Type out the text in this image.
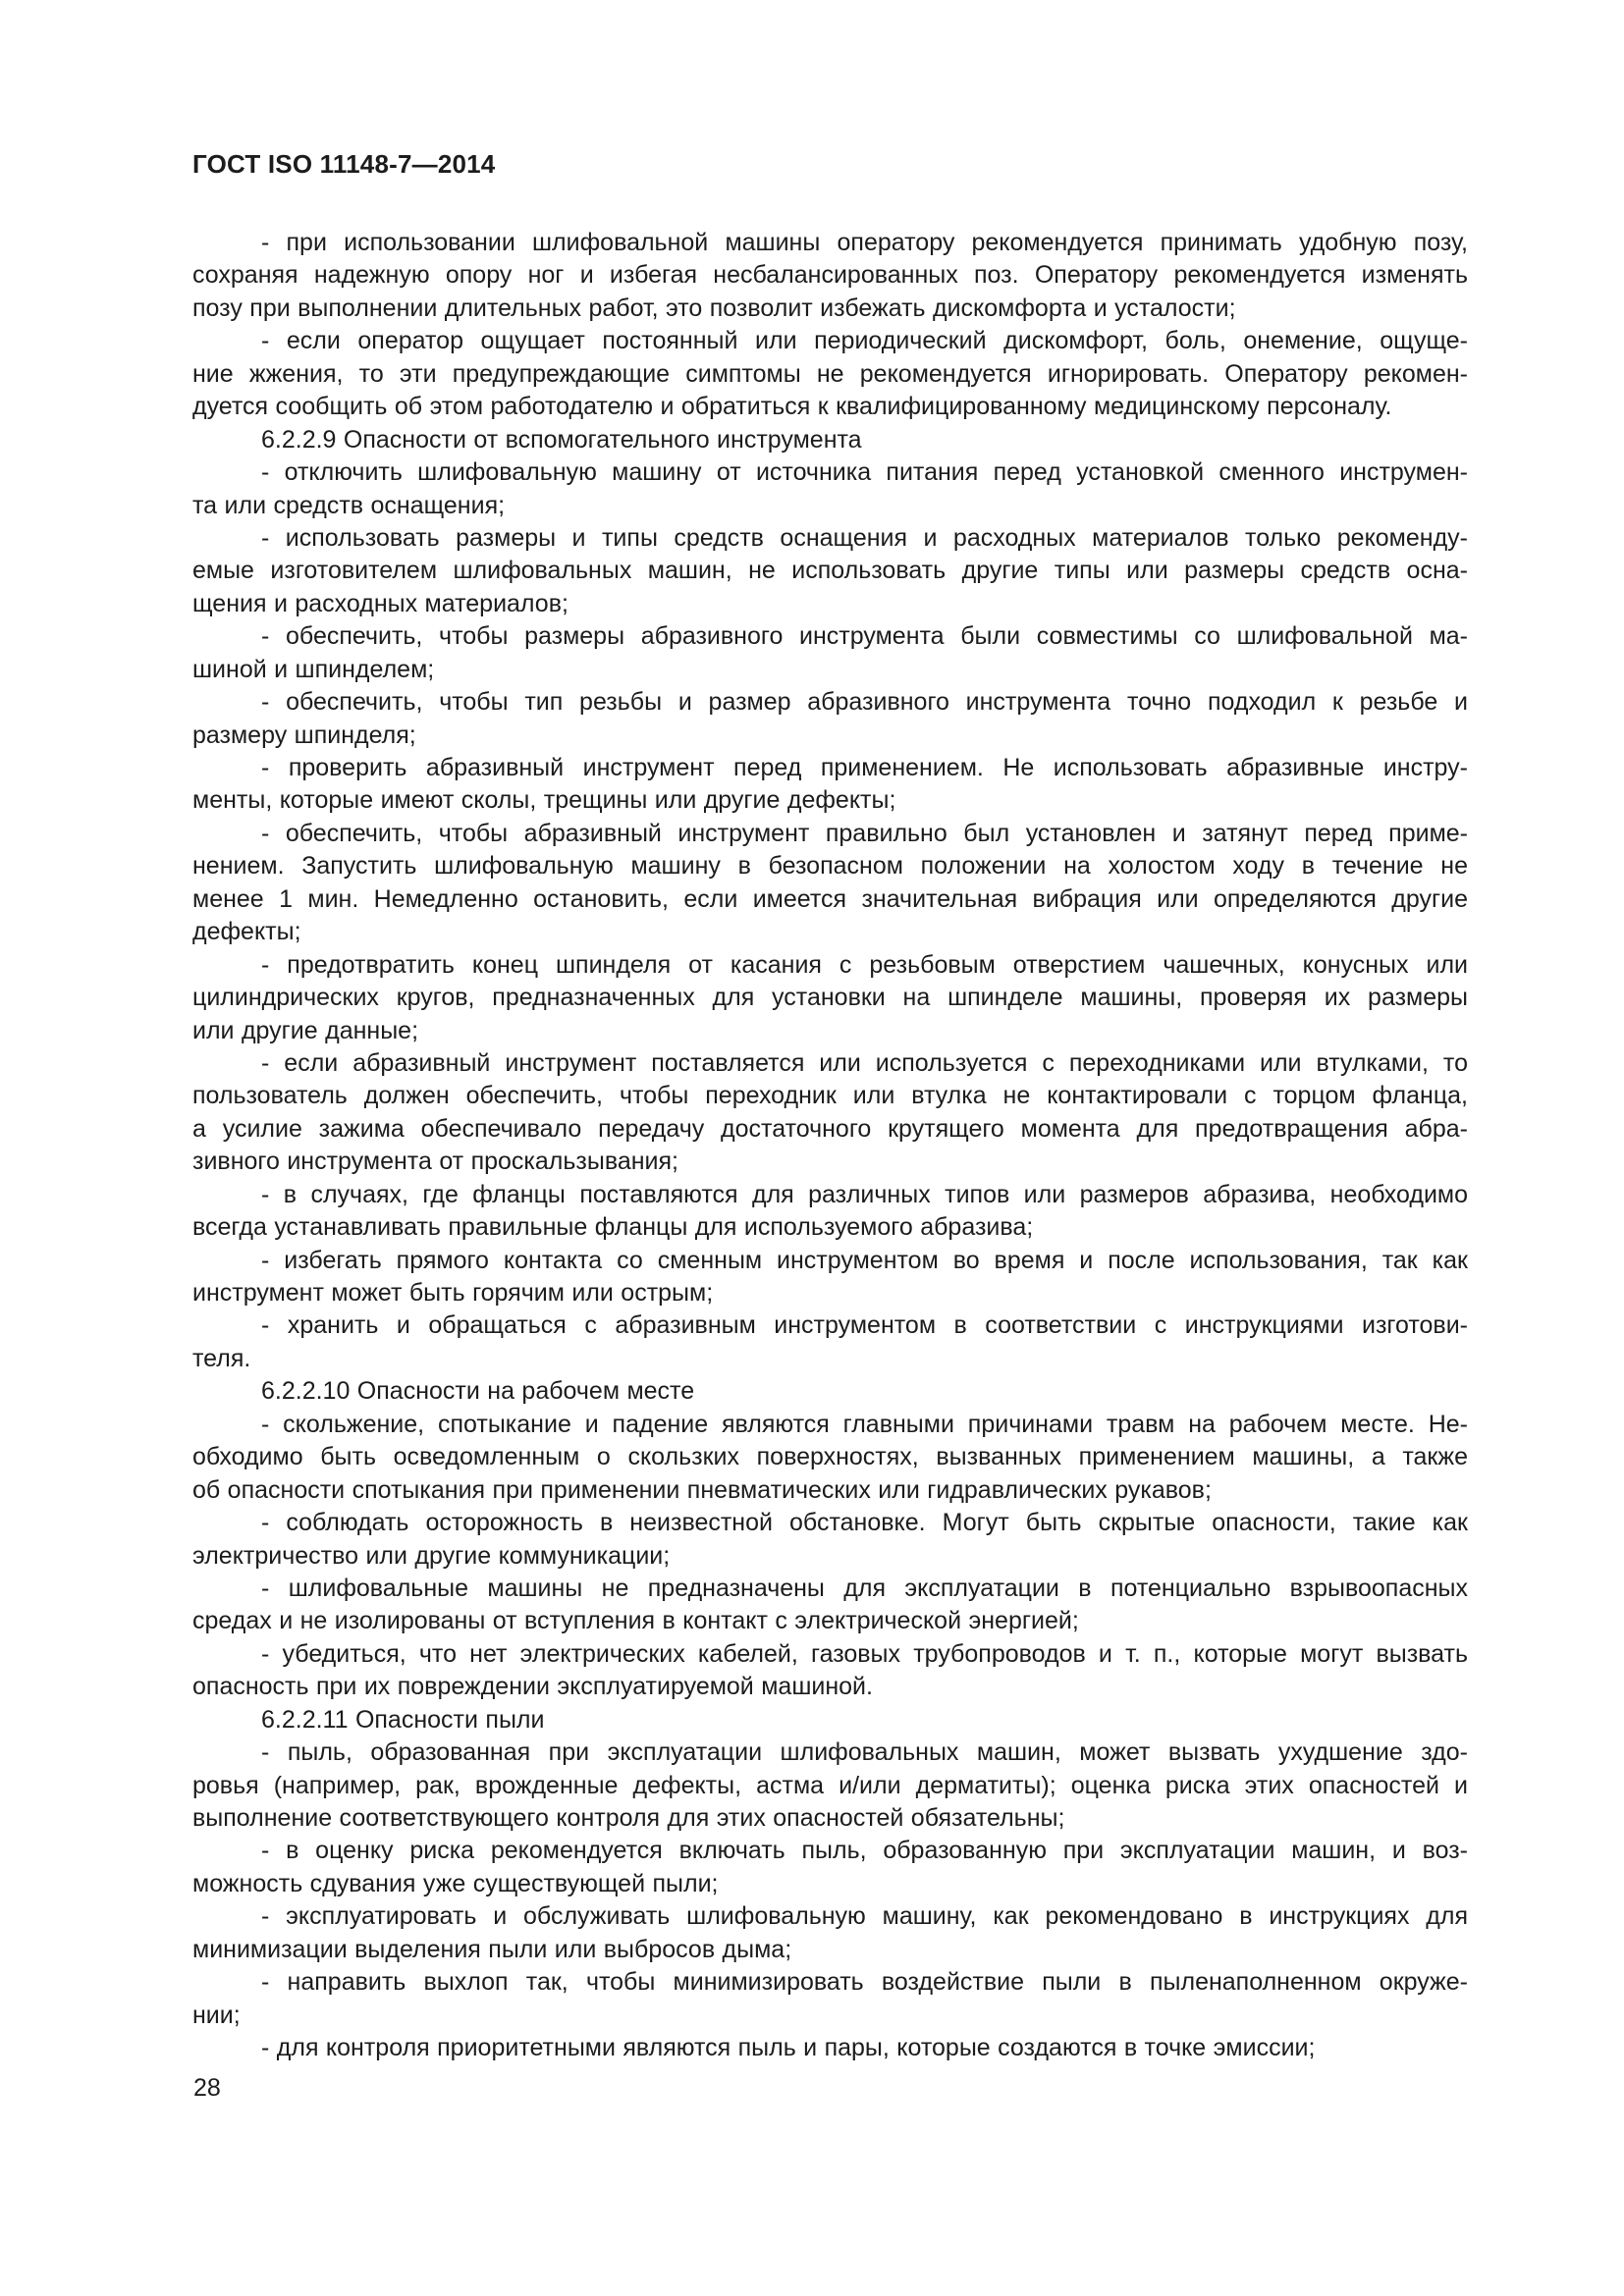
ГОСТ ISO 11148-7—2014
- при использовании шлифовальной машины оператору рекомендуется принимать удобную позу,
сохраняя надежную опору ног и избегая несбалансированных поз. Оператору рекомендуется изменять
позу при выполнении длительных работ, это позволит избежать дискомфорта и усталости;
- если оператор ощущает постоянный или периодический дискомфорт, боль, онемение, ощуще-
ние жжения, то эти предупреждающие симптомы не рекомендуется игнорировать. Оператору рекомен-
дуется сообщить об этом работодателю и обратиться к квалифицированному медицинскому персоналу.
6.2.2.9 Опасности от вспомогательного инструмента
- отключить шлифовальную машину от источника питания перед установкой сменного инструмен-
та или средств оснащения;
- использовать размеры и типы средств оснащения и расходных материалов только рекоменду-
емые изготовителем шлифовальных машин, не использовать другие типы или размеры средств осна-
щения и расходных материалов;
- обеспечить, чтобы размеры абразивного инструмента были совместимы со шлифовальной ма-
шиной и шпинделем;
- обеспечить, чтобы тип резьбы и размер абразивного инструмента точно подходил к резьбе и
размеру шпинделя;
- проверить абразивный инструмент перед применением. Не использовать абразивные инстру-
менты, которые имеют сколы, трещины или другие дефекты;
- обеспечить, чтобы абразивный инструмент правильно был установлен и затянут перед приме-
нением. Запустить шлифовальную машину в безопасном положении на холостом ходу в течение не
менее 1 мин. Немедленно остановить, если имеется значительная вибрация или определяются другие
дефекты;
- предотвратить конец шпинделя от касания с резьбовым отверстием чашечных, конусных или
цилиндрических кругов, предназначенных для установки на шпинделе машины, проверяя их размеры
или другие данные;
- если абразивный инструмент поставляется или используется с переходниками или втулками, то
пользователь должен обеспечить, чтобы переходник или втулка не контактировали с торцом фланца,
а усилие зажима обеспечивало передачу достаточного крутящего момента для предотвращения абра-
зивного инструмента от проскальзывания;
- в случаях, где фланцы поставляются для различных типов или размеров абразива, необходимо
всегда устанавливать правильные фланцы для используемого абразива;
- избегать прямого контакта со сменным инструментом во время и после использования, так как
инструмент может быть горячим или острым;
- хранить и обращаться с абразивным инструментом в соответствии с инструкциями изготови-
теля.
6.2.2.10 Опасности на рабочем месте
- скольжение, спотыкание и падение являются главными причинами травм на рабочем месте. Не-
обходимо быть осведомленным о скользких поверхностях, вызванных применением машины, а также
об опасности спотыкания при применении пневматических или гидравлических рукавов;
- соблюдать осторожность в неизвестной обстановке. Могут быть скрытые опасности, такие как
электричество или другие коммуникации;
- шлифовальные машины не предназначены для эксплуатации в потенциально взрывоопасных
средах и не изолированы от вступления в контакт с электрической энергией;
- убедиться, что нет электрических кабелей, газовых трубопроводов и т. п., которые могут вызвать
опасность при их повреждении эксплуатируемой машиной.
6.2.2.11 Опасности пыли
- пыль, образованная при эксплуатации шлифовальных машин, может вызвать ухудшение здо-
ровья (например, рак, врожденные дефекты, астма и/или дерматиты); оценка риска этих опасностей и
выполнение соответствующего контроля для этих опасностей обязательны;
- в оценку риска рекомендуется включать пыль, образованную при эксплуатации машин, и воз-
можность сдувания уже существующей пыли;
- эксплуатировать и обслуживать шлифовальную машину, как рекомендовано в инструкциях для
минимизации выделения пыли или выбросов дыма;
- направить выхлоп так, чтобы минимизировать воздействие пыли в пыленаполненном окруже-
нии;
- для контроля приоритетными являются пыль и пары, которые создаются в точке эмиссии;
28
